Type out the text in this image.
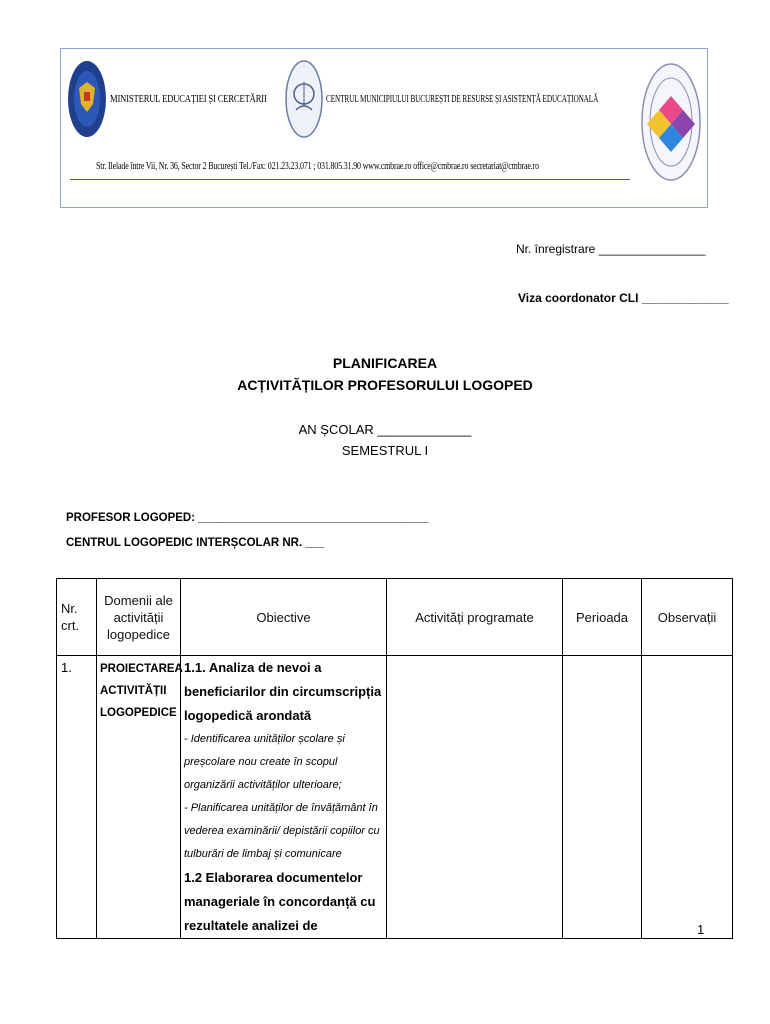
MINISTERUL EDUCAȚIEI ȘI CERCETĂRII	CENTRUL MUNICIPIULUI BUCUREȘTI DE RESURSE ȘI ASISTENȚĂ EDUCAȚIONALĂ
Str. Ilelade între Vii, Nr. 36, Sector 2 București Tel./Fax: 021.23.23.071 ; 031.805.31.90 www.cmbrae.ro office@cmbrae.ro secretariat@cmbrae.ro
Nr. înregistrare ________________
Viza coordonator CLI _____________
PLANIFICAREA
ACȚIVITĂȚILOR PROFESORULUI LOGOPED
AN ȘCOLAR _____________
SEMESTRUL I
PROFESOR LOGOPED: ____________________________________
CENTRUL LOGOPEDIC INTERȘCOLAR NR. ___
Nr. crt.	Domenii ale activității logopedice	Obiective	Activități programate	Perioada	Observații
1.	PROIECTAREA ACTIVITĂȚII LOGOPEDICE	1.1. Analiza de nevoi a beneficiarilor din circumscripția logopedică arondată
- Identificarea unităților școlare și preșcolare nou create în scopul organizării activităților ulterioare;
- Planificarea unităților de învățământ în vederea examinării/ depistării copiilor cu tulburări de limbaj și comunicare
1.2 Elaborarea documentelor manageriale în concordanță cu rezultatele analizei de			
				1
